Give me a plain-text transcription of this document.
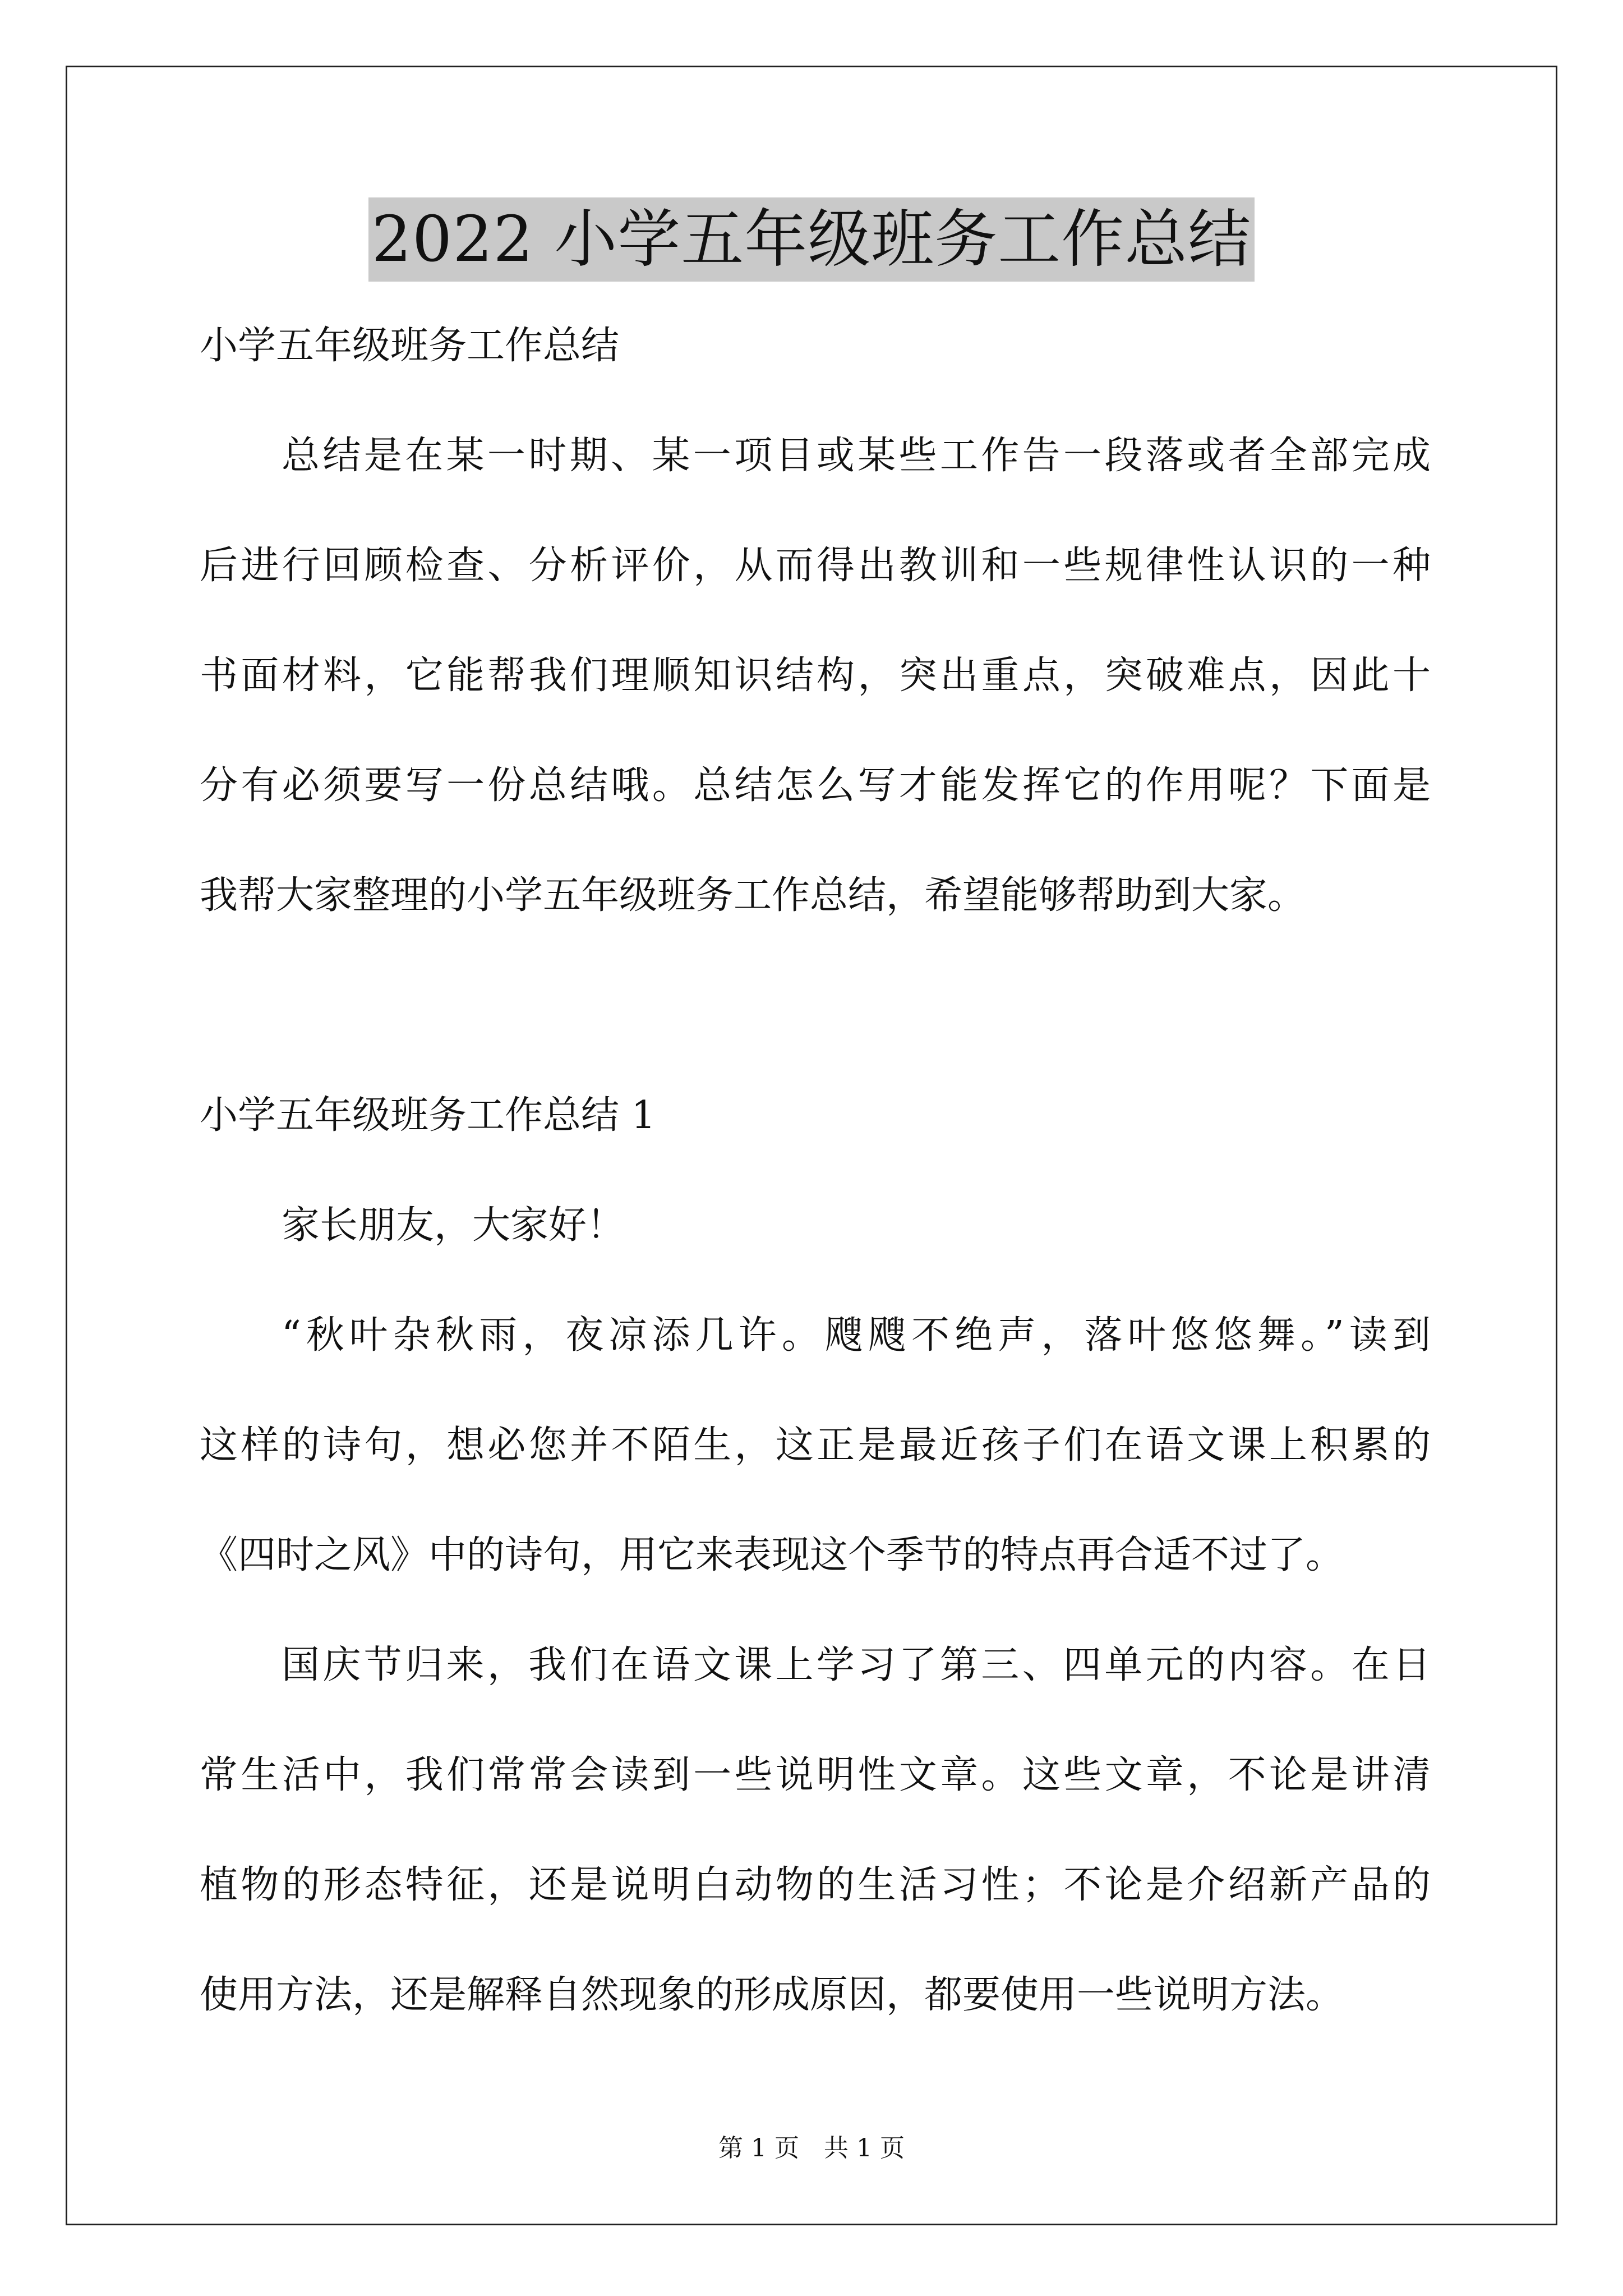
2022 小学五年级班务工作总结
小学五年级班务工作总结
总结是在某一时期、某一项目或某些工作告一段落或者全部完成
后进行回顾检查、分析评价，从而得出教训和一些规律性认识的一种
书面材料，它能帮我们理顺知识结构，突出重点，突破难点，因此十
分有必须要写一份总结哦。总结怎么写才能发挥它的作用呢？下面是
我帮大家整理的小学五年级班务工作总结，希望能够帮助到大家。
小学五年级班务工作总结 1
家长朋友，大家好！
“秋叶杂秋雨，夜凉添几许。飕飕不绝声，落叶悠悠舞。”读到
这样的诗句，想必您并不陌生，这正是最近孩子们在语文课上积累的
《四时之风》中的诗句，用它来表现这个季节的特点再合适不过了。
国庆节归来，我们在语文课上学习了第三、四单元的内容。在日
常生活中，我们常常会读到一些说明性文章。这些文章，不论是讲清
植物的形态特征，还是说明白动物的生活习性；不论是介绍新产品的
使用方法，还是解释自然现象的形成原因，都要使用一些说明方法。
第 1 页　共 1 页
